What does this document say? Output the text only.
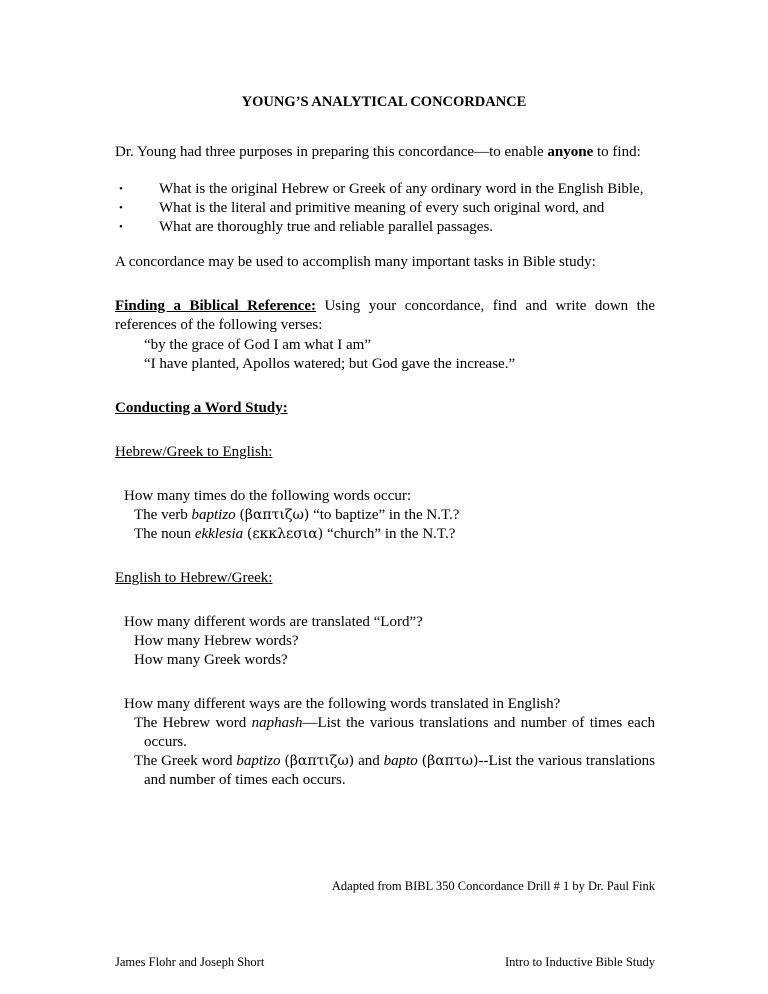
YOUNG’S ANALYTICAL CONCORDANCE
Dr. Young had three purposes in preparing this concordance—to enable anyone to find:
• What is the original Hebrew or Greek of any ordinary word in the English Bible,
• What is the literal and primitive meaning of every such original word, and
• What are thoroughly true and reliable parallel passages.
A concordance may be used to accomplish many important tasks in Bible study:
Finding a Biblical Reference: Using your concordance, find and write down the references of the following verses:
“by the grace of God I am what I am”
“I have planted, Apollos watered; but God gave the increase.”
Conducting a Word Study:
Hebrew/Greek to English:
How many times do the following words occur:
The verb baptizo (βαπτιζω) “to baptize” in the N.T.?
The noun ekklesia (εκκλεσια) “church” in the N.T.?
English to Hebrew/Greek:
How many different words are translated “Lord”?
How many Hebrew words?
How many Greek words?
How many different ways are the following words translated in English?
The Hebrew word naphash—List the various translations and number of times each occurs.
The Greek word baptizo (βαπτιζω) and bapto (βαπτω)--List the various translations and number of times each occurs.
Adapted from BIBL 350 Concordance Drill # 1 by Dr. Paul Fink
James Flohr and Joseph Short	Intro to Inductive Bible Study
